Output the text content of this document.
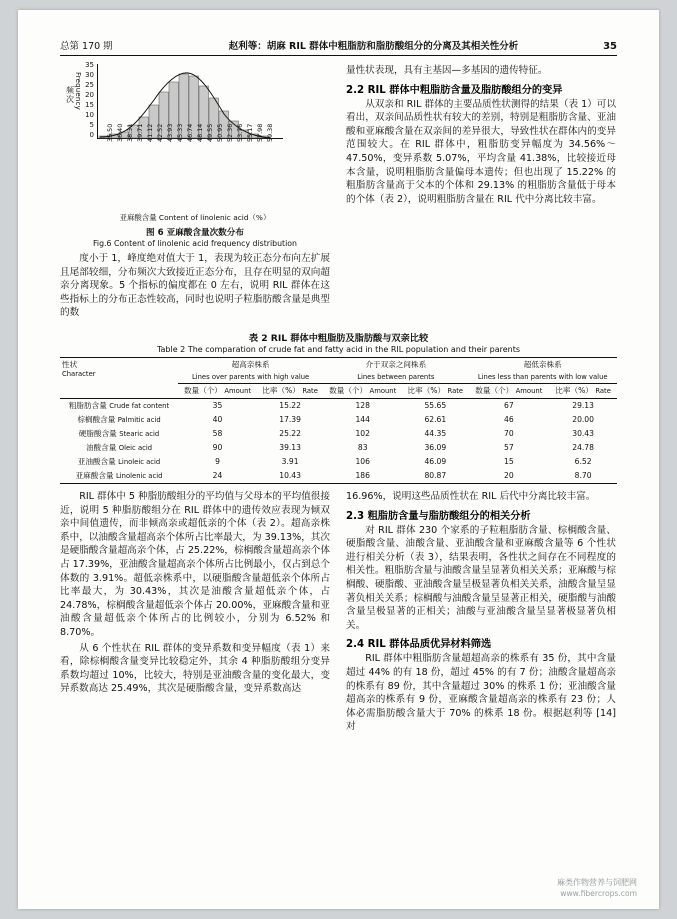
总第 170 期	赵利等：胡麻 RIL 群体中粗脂肪和脂肪酸组分的分离及其相关性分析	35
频 次 Frequency
35
30
25
20
15
10
5
0 35.50 36.40 38.31 39.71 41.12 42.52 43.93 45.33 46.74 48.14 49.55 50.95 52.36 53.76 55.17 57.98 59.38
亚麻酸含量 Content of linolenic acid（%）
图 6 亚麻酸含量次数分布
Fig.6 Content of linolenic acid frequency distribution

度小于 1，峰度绝对值大于 1，表现为较正态分布向左扩展且尾部较细，分布频次大致接近正态分布，且存在明显的双向超亲分离现象。5 个指标的偏度都在 0 左右，说明 RIL 群体在这些指标上的分布正态性较高，同时也说明子粒脂肪酸含量是典型的数

量性状表现，具有主基因—多基因的遗传特征。

2.2 RIL 群体中粗脂肪含量及脂肪酸组分的变异

从双亲和 RIL 群体的主要品质性状测得的结果（表 1）可以看出，双亲间品质性状有较大的差别，特别是粗脂肪含量、亚油酸和亚麻酸含量在双亲间的差异很大，导致性状在群体内的变异范围较大。在 RIL 群体中，粗脂肪变异幅度为 34.56%～47.50%，变异系数 5.07%，平均含量 41.38%，比较接近母本含量，说明粗脂肪含量偏母本遗传；但也出现了 15.22% 的粗脂肪含量高于父本的个体和 29.13% 的粗脂肪含量低于母本的个体（表 2），说明粗脂肪含量在 RIL 代中分离比较丰富。

表 2 RIL 群体中粗脂肪及脂肪酸与双亲比较
Table 2 The comparation of crude fat and fatty acid in the RIL population and their parents
性状
Character	超高亲株系		介于双亲之间株系		超低亲株系	
	Lines over parents with high value		Lines between parents		Lines less than parents with low value	
	数量（个） Amount	比率（%） Rate	数量（个） Amount	比率（%） Rate	数量（个） Amount	比率（%） Rate
粗脂肪含量 Crude fat content	35	15.22	128	55.65	67	29.13
棕榈酸含量 Palmitic acid	40	17.39	144	62.61	46	20.00
硬脂酸含量 Stearic acid	58	25.22	102	44.35	70	30.43
油酸含量 Oleic acid	90	39.13	83	36.09	57	24.78
亚油酸含量 Linoleic acid	9	3.91	106	46.09	15	6.52
亚麻酸含量 Linolenic acid	24	10.43	186	80.87	20	8.70

RIL 群体中 5 种脂肪酸组分的平均值与父母本的平均值很接近，说明 5 种脂肪酸组分在 RIL 群体中的遗传效应表现为倾双亲中间值遗传，而非倾高亲或超低亲的个体（表 2）。超高亲株系中，以油酸含量超高亲个体所占比率最大，为 39.13%，其次是硬脂酸含量超高亲个体，占 25.22%，棕榈酸含量超高亲个体占 17.39%，亚油酸含量超高亲个体所占比例最小，仅占到总个体数的 3.91%。超低亲株系中，以硬脂酸含量超低亲个体所占比率最大，为 30.43%，其次是油酸含量超低亲个体，占 24.78%，棕榈酸含量超低亲个体占 20.00%，亚麻酸含量和亚油酸含量超低亲个体所占的比例较小，分别为 6.52% 和 8.70%。

从 6 个性状在 RIL 群体的变异系数和变异幅度（表 1）来看，除棕榈酸含量变异比较稳定外，其余 4 种脂肪酸组分变异系数均超过 10%，比较大，特别是亚油酸含量的变化最大，变异系数高达 25.49%，其次是硬脂酸含量，变异系数高达

16.96%，说明这些品质性状在 RIL 后代中分离比较丰富。

2.3 粗脂肪含量与脂肪酸组分的相关分析

对 RIL 群体 230 个家系的子粒粗脂肪含量、棕榈酸含量、硬脂酸含量、油酸含量、亚油酸含量和亚麻酸含量等 6 个性状进行相关分析（表 3），结果表明，各性状之间存在不同程度的相关性。粗脂肪含量与油酸含量呈显著负相关关系；亚麻酸与棕榈酸、硬脂酸、亚油酸含量呈极显著负相关关系，油酸含量呈显著负相关关系；棕榈酸与油酸含量呈显著正相关，硬脂酸与油酸含量呈极显著的正相关；油酸与亚油酸含量呈显著极显著负相关。

2.4 RIL 群体品质优异材料筛选

RIL 群体中粗脂肪含量超超高亲的株系有 35 份，其中含量超过 44% 的有 18 份，超过 45% 的有 7 份；油酸含量超高亲的株系有 89 份，其中含量超过 30% 的株系 1 份；亚油酸含量超高亲的株系有 9 份，亚麻酸含量超高亲的株系有 23 份；人体必需脂肪酸含量大于 70% 的株系 18 份。根据赵利等 [14] 对

麻类作物营养与饲肥网
www.fibercrops.com
